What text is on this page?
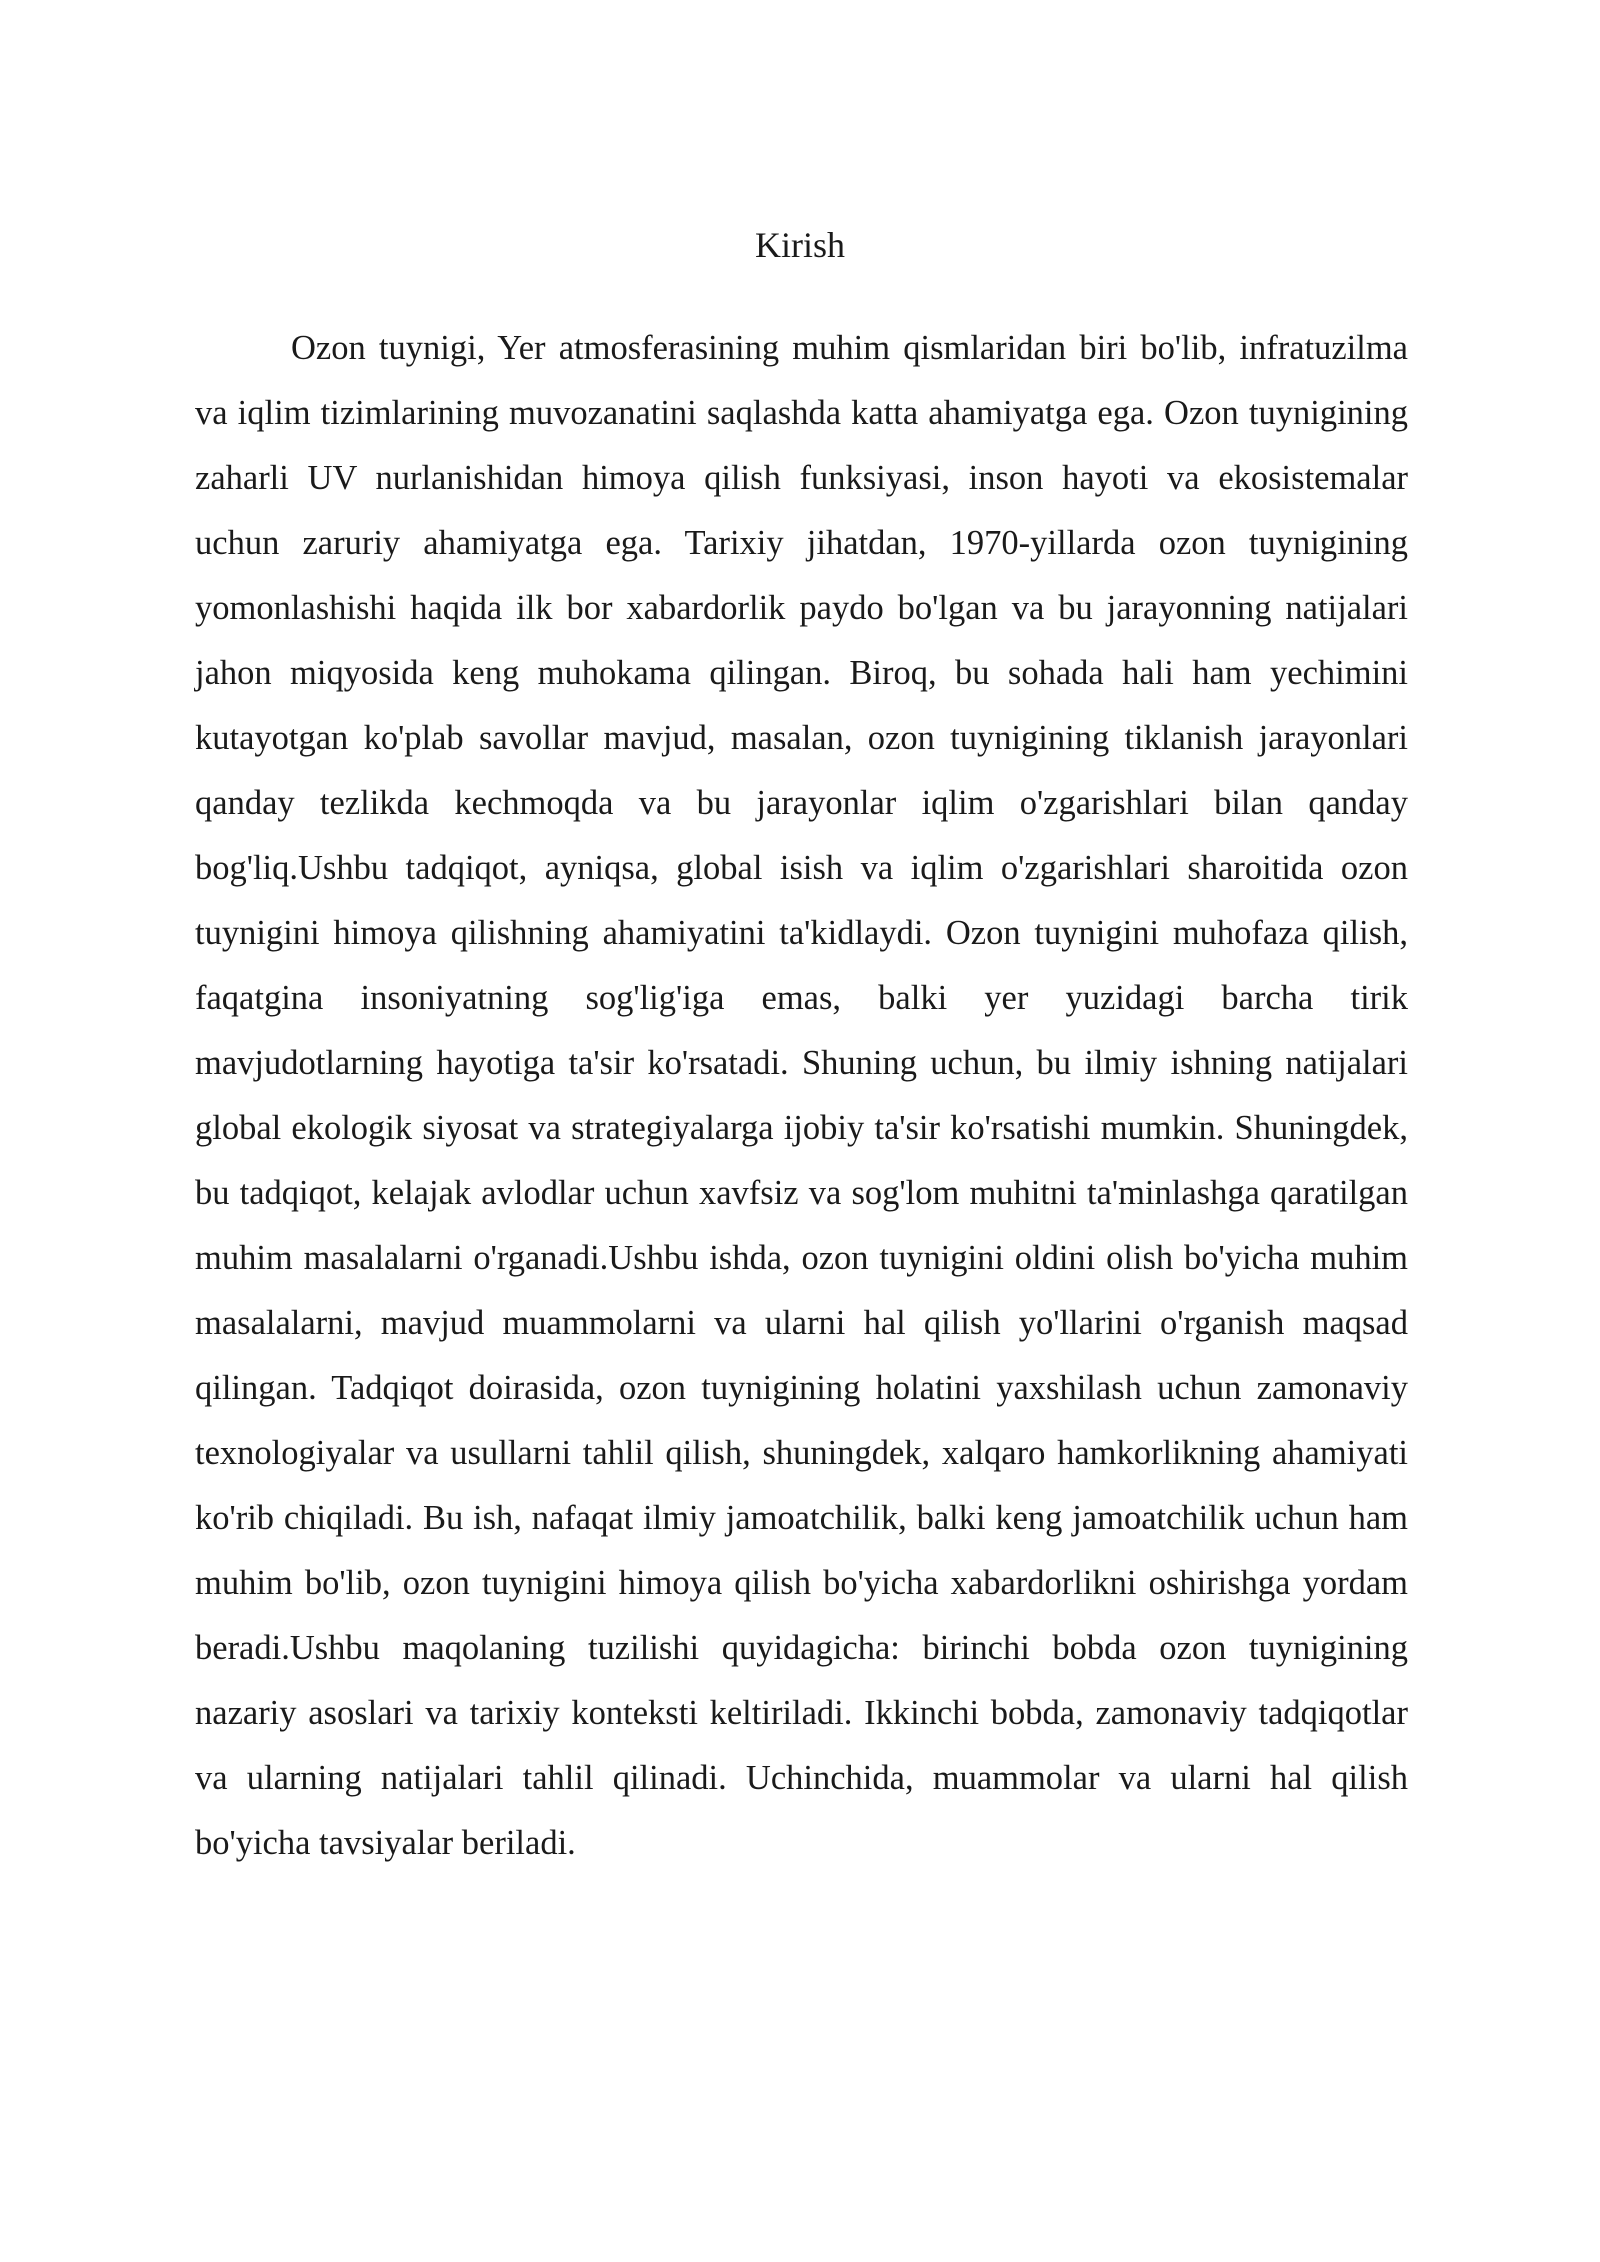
Kirish

Ozon tuynigi, Yer atmosferasining muhim qismlaridan biri bo'lib, infratuzilma va iqlim tizimlarining muvozanatini saqlashda katta ahamiyatga ega. Ozon tuynigining zaharli UV nurlanishidan himoya qilish funksiyasi, inson hayoti va ekosistemalar uchun zaruriy ahamiyatga ega. Tarixiy jihatdan, 1970-yillarda ozon tuynigining yomonlashishi haqida ilk bor xabardorlik paydo bo'lgan va bu jarayonning natijalari jahon miqyosida keng muhokama qilingan. Biroq, bu sohada hali ham yechimini kutayotgan ko'plab savollar mavjud, masalan, ozon tuynigining tiklanish jarayonlari qanday tezlikda kechmoqda va bu jarayonlar iqlim o'zgarishlari bilan qanday bog'liq.Ushbu tadqiqot, ayniqsa, global isish va iqlim o'zgarishlari sharoitida ozon tuynigini himoya qilishning ahamiyatini ta'kidlaydi. Ozon tuynigini muhofaza qilish, faqatgina insoniyatning sog'lig'iga emas, balki yer yuzidagi barcha tirik mavjudotlarning hayotiga ta'sir ko'rsatadi. Shuning uchun, bu ilmiy ishning natijalari global ekologik siyosat va strategiyalarga ijobiy ta'sir ko'rsatishi mumkin. Shuningdek, bu tadqiqot, kelajak avlodlar uchun xavfsiz va sog'lom muhitni ta'minlashga qaratilgan muhim masalalarni o'rganadi.Ushbu ishda, ozon tuynigini oldini olish bo'yicha muhim masalalarni, mavjud muammolarni va ularni hal qilish yo'llarini o'rganish maqsad qilingan. Tadqiqot doirasida, ozon tuynigining holatini yaxshilash uchun zamonaviy texnologiyalar va usullarni tahlil qilish, shuningdek, xalqaro hamkorlikning ahamiyati ko'rib chiqiladi. Bu ish, nafaqat ilmiy jamoatchilik, balki keng jamoatchilik uchun ham muhim bo'lib, ozon tuynigini himoya qilish bo'yicha xabardorlikni oshirishga yordam beradi.Ushbu maqolaning tuzilishi quyidagicha: birinchi bobda ozon tuynigining nazariy asoslari va tarixiy konteksti keltiriladi. Ikkinchi bobda, zamonaviy tadqiqotlar va ularning natijalari tahlil qilinadi. Uchinchida, muammolar va ularni hal qilish bo'yicha tavsiyalar beriladi.
